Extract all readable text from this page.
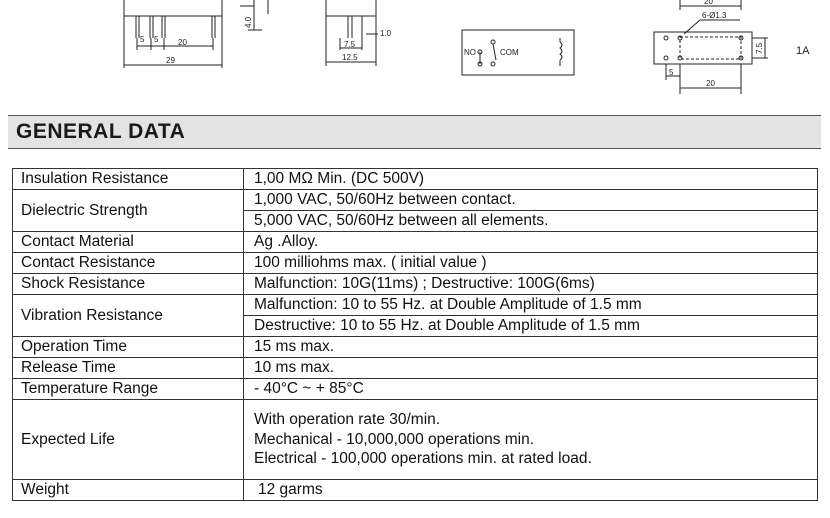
5 5 20
29
4.0
1.0
7.5
12.5
NO	COM
20
6-Ø1.3
7.5
5
20
1A
GENERAL DATA
Insulation Resistance	1,00 MΩ Min. (DC 500V)
Dielectric Strength	1,000 VAC, 50/60Hz between contact.
	5,000 VAC, 50/60Hz between all elements.
Contact Material	Ag .Alloy.
Contact Resistance	100 milliohms max. ( initial value )
Shock Resistance	Malfunction: 10G(11ms) ; Destructive: 100G(6ms)
Vibration Resistance	Malfunction: 10 to 55 Hz. at Double Amplitude of 1.5 mm
	Destructive: 10 to 55 Hz. at Double Amplitude of 1.5 mm
Operation Time	15 ms max.
Release Time	10 ms max.
Temperature Range	- 40°C ~ + 85°C
Expected Life	With operation rate 30/min.
Mechanical - 10,000,000 operations min.
Electrical - 100,000 operations min. at rated load.

Weight	12 garms
